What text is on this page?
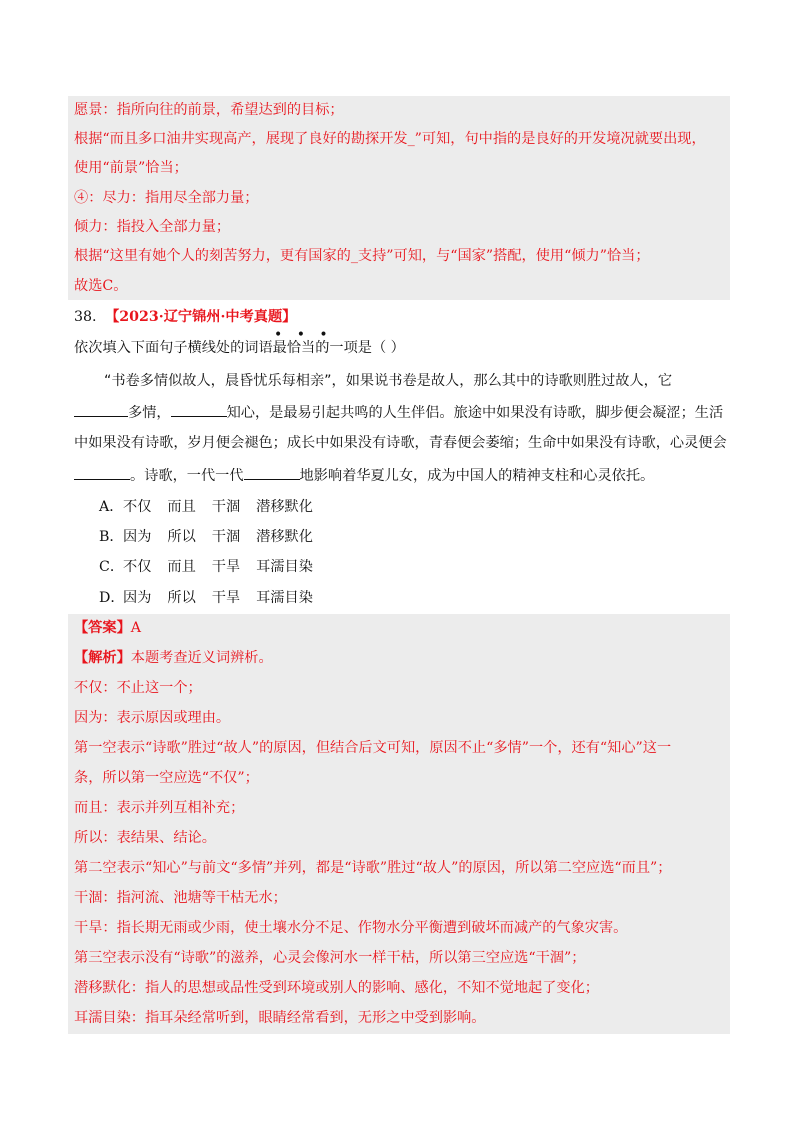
愿景：指所向往的前景，希望达到的目标；
根据“而且多口油井实现高产，展现了良好的勘探开发_”可知，句中指的是良好的开发境况就要出现，
使用“前景”恰当；
④：尽力：指用尽全部力量；
倾力：指投入全部力量；
根据“这里有她个人的刻苦努力，更有国家的_支持”可知，与“国家”搭配，使用“倾力”恰当；
故选C。
38. 【2023·辽宁锦州·中考真题】
• • •
依次填入下面句子横线处的词语最恰当的一项是（ ）
“书卷多情似故人，晨昏忧乐每相亲”，如果说书卷是故人，那么其中的诗歌则胜过故人，它
多情，	知心，是最易引起共鸣的人生伴侣。旅途中如果没有诗歌，脚步便会凝涩；生活
中如果没有诗歌，岁月便会褪色；成长中如果没有诗歌，青春便会萎缩；生命中如果没有诗歌，心灵便会
。诗歌，一代一代	地影响着华夏儿女，成为中国人的精神支柱和心灵依托。
A．不仅 而且 干涸 潜移默化
B．因为 所以 干涸 潜移默化
C．不仅 而且 干旱 耳濡目染
D．因为 所以 干旱 耳濡目染
【答案】A
【解析】本题考查近义词辨析。
不仅：不止这一个；
因为：表示原因或理由。
第一空表示“诗歌”胜过“故人”的原因，但结合后文可知，原因不止“多情”一个，还有“知心”这一
条，所以第一空应选“不仅”；
而且：表示并列互相补充；
所以：表结果、结论。
第二空表示“知心”与前文“多情”并列，都是“诗歌”胜过“故人”的原因，所以第二空应选“而且”；
干涸：指河流、池塘等干枯无水；
干旱：指长期无雨或少雨，使土壤水分不足、作物水分平衡遭到破坏而减产的气象灾害。
第三空表示没有“诗歌”的滋养，心灵会像河水一样干枯，所以第三空应选“干涸”；
潜移默化：指人的思想或品性受到环境或别人的影响、感化，不知不觉地起了变化；
耳濡目染：指耳朵经常听到，眼睛经常看到，无形之中受到影响。
